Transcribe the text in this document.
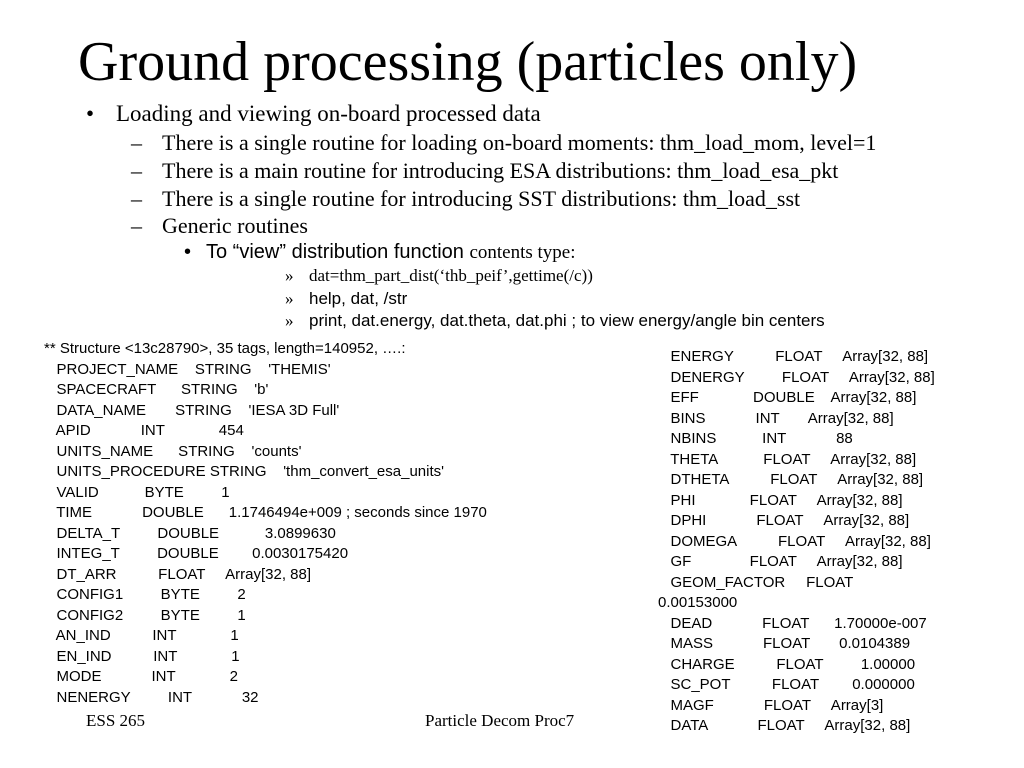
Ground processing (particles only)
• Loading and viewing on-board processed data
– There is a single routine for loading on-board moments: thm_load_mom, level=1
– There is a main routine for introducing ESA distributions: thm_load_esa_pkt
– There is a single routine for introducing SST distributions: thm_load_sst
– Generic routines
• To “view” distribution function contents type:
» dat=thm_part_dist(‘thb_peif’,gettime(/c))
» help, dat, /str
» print, dat.energy, dat.theta, dat.phi ; to view energy/angle bin centers
** Structure <13c28790>, 35 tags, length=140952, ….:
PROJECT_NAME    STRING    'THEMIS'
SPACECRAFT      STRING    'b'
DATA_NAME       STRING    'IESA 3D Full'
APID            INT             454
UNITS_NAME      STRING    'counts'
UNITS_PROCEDURE STRING    'thm_convert_esa_units'
VALID           BYTE         1
TIME            DOUBLE      1.1746494e+009 ; seconds since 1970
DELTA_T         DOUBLE           3.0899630
INTEG_T         DOUBLE        0.0030175420
DT_ARR          FLOAT     Array[32, 88]
CONFIG1         BYTE         2
CONFIG2         BYTE         1
AN_IND          INT             1
EN_IND          INT             1
MODE            INT             2
NENERGY         INT            32
ENERGY          FLOAT     Array[32, 88]
DENERGY         FLOAT     Array[32, 88]
EFF             DOUBLE    Array[32, 88]
BINS            INT       Array[32, 88]
NBINS           INT            88
THETA           FLOAT     Array[32, 88]
DTHETA          FLOAT     Array[32, 88]
PHI             FLOAT     Array[32, 88]
DPHI            FLOAT     Array[32, 88]
DOMEGA          FLOAT     Array[32, 88]
GF              FLOAT     Array[32, 88]
GEOM_FACTOR     FLOAT
0.00153000
DEAD            FLOAT      1.70000e-007
MASS            FLOAT       0.0104389
CHARGE          FLOAT         1.00000
SC_POT          FLOAT        0.000000
MAGF            FLOAT     Array[3]
DATA            FLOAT     Array[32, 88]
ESS 265	Particle Decom Proc7
